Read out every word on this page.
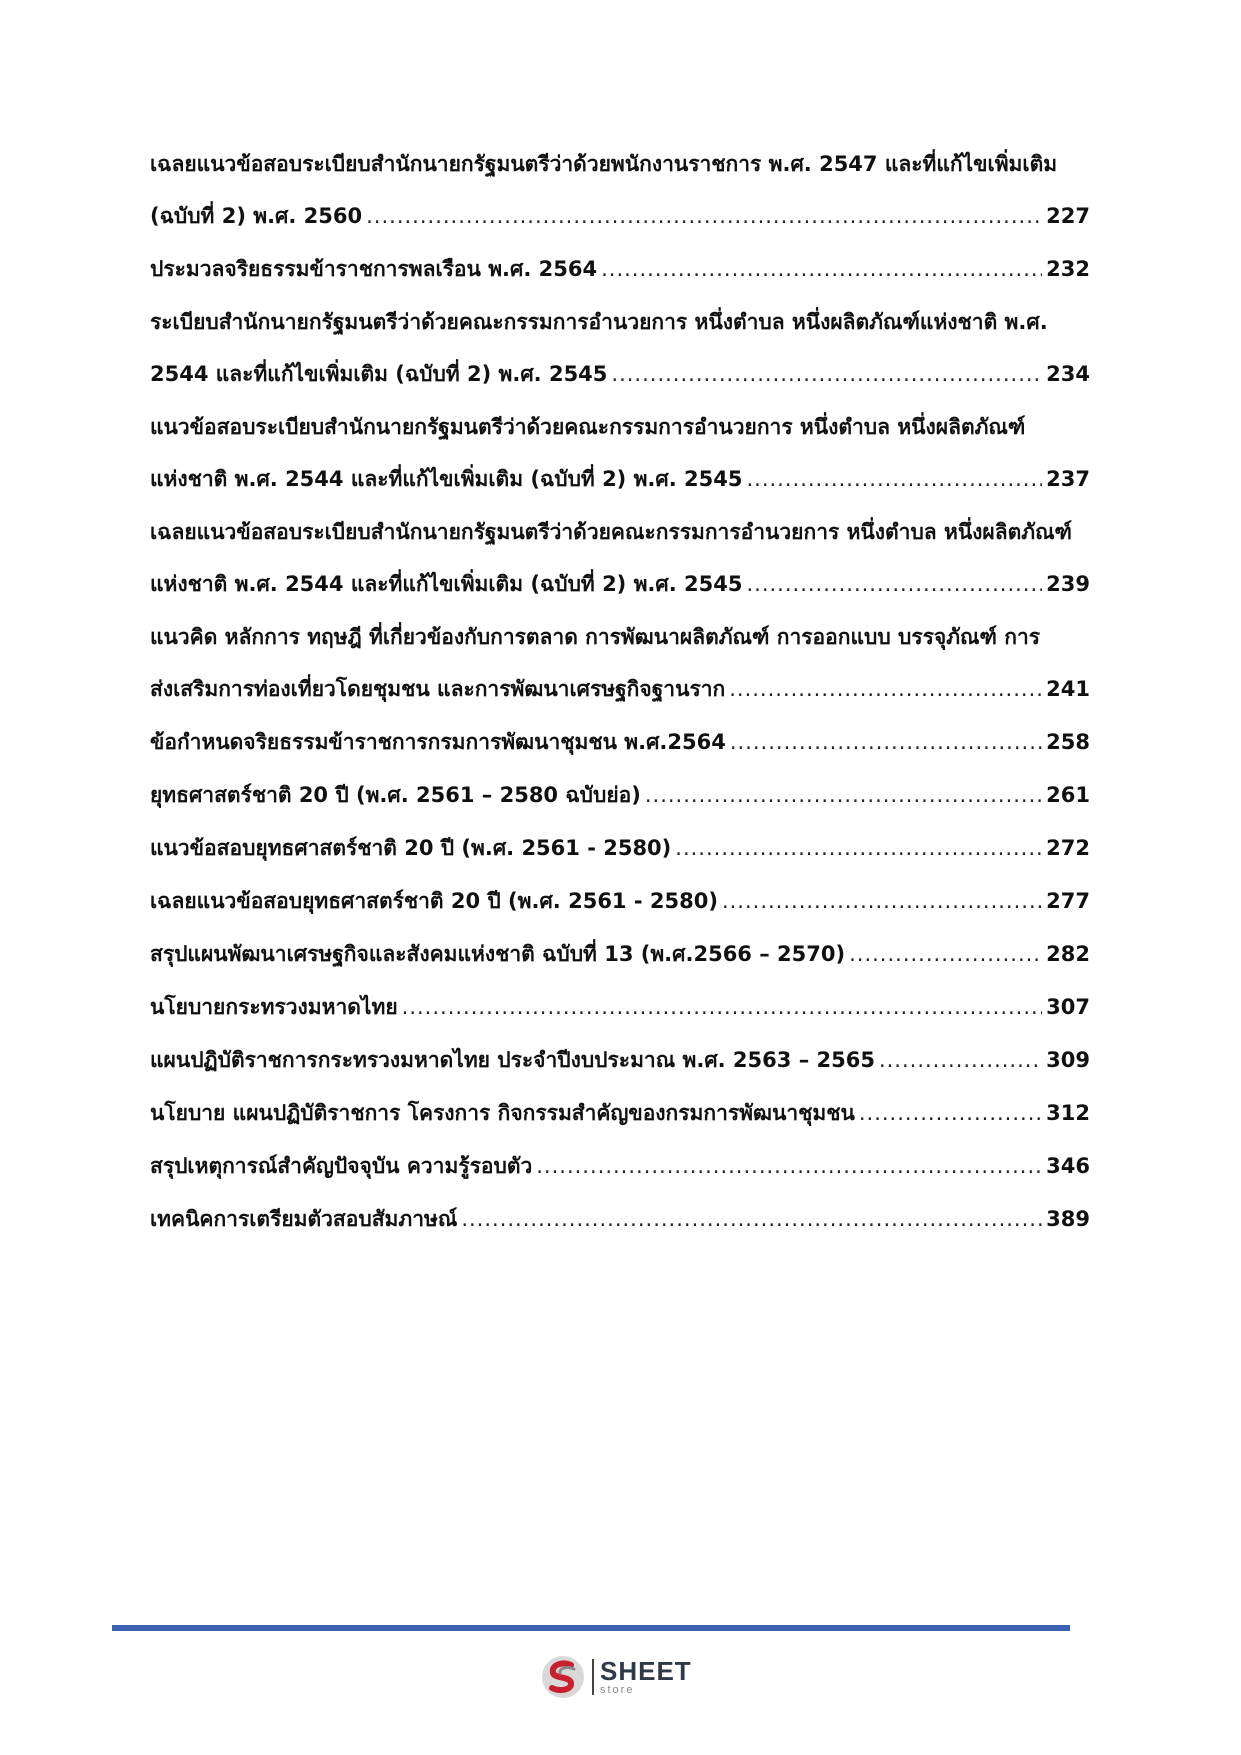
เฉลยแนวข้อสอบระเบียบสำนักนายกรัฐมนตรีว่าด้วยพนักงานราชการ พ.ศ. 2547 และที่แก้ไขเพิ่มเติม
(ฉบับที่ 2) พ.ศ. 2560 .....	227
ประมวลจริยธรรมข้าราชการพลเรือน พ.ศ. 2564 .....	232
ระเบียบสำนักนายกรัฐมนตรีว่าด้วยคณะกรรมการอำนวยการ หนึ่งตำบล หนึ่งผลิตภัณฑ์แห่งชาติ พ.ศ.
2544 และที่แก้ไขเพิ่มเติม (ฉบับที่ 2) พ.ศ. 2545 .....	234
แนวข้อสอบระเบียบสำนักนายกรัฐมนตรีว่าด้วยคณะกรรมการอำนวยการ หนึ่งตำบล หนึ่งผลิตภัณฑ์
แห่งชาติ พ.ศ. 2544 และที่แก้ไขเพิ่มเติม (ฉบับที่ 2) พ.ศ. 2545 .....	237
เฉลยแนวข้อสอบระเบียบสำนักนายกรัฐมนตรีว่าด้วยคณะกรรมการอำนวยการ หนึ่งตำบล หนึ่งผลิตภัณฑ์
แห่งชาติ พ.ศ. 2544 และที่แก้ไขเพิ่มเติม (ฉบับที่ 2) พ.ศ. 2545 .....	239
แนวคิด หลักการ ทฤษฎี ที่เกี่ยวข้องกับการตลาด การพัฒนาผลิตภัณฑ์ การออกแบบ บรรจุภัณฑ์ การ
ส่งเสริมการท่องเที่ยวโดยชุมชน และการพัฒนาเศรษฐกิจฐานราก .....	241
ข้อกำหนดจริยธรรมข้าราชการกรมการพัฒนาชุมชน พ.ศ.2564 .....	258
ยุทธศาสตร์ชาติ 20 ปี (พ.ศ. 2561 – 2580 ฉบับย่อ) .....	261
แนวข้อสอบยุทธศาสตร์ชาติ 20 ปี (พ.ศ. 2561 - 2580) .....	272
เฉลยแนวข้อสอบยุทธศาสตร์ชาติ 20 ปี (พ.ศ. 2561 - 2580) .....	277
สรุปแผนพัฒนาเศรษฐกิจและสังคมแห่งชาติ ฉบับที่ 13 (พ.ศ.2566 – 2570) .....	282
นโยบายกระทรวงมหาดไทย .....	307
แผนปฏิบัติราชการกระทรวงมหาดไทย ประจำปีงบประมาณ พ.ศ. 2563 – 2565 .....	309
นโยบาย แผนปฏิบัติราชการ โครงการ กิจกรรมสำคัญของกรมการพัฒนาชุมชน .....	312
สรุปเหตุการณ์สำคัญปัจจุบัน ความรู้รอบตัว .....	346
เทคนิคการเตรียมตัวสอบสัมภาษณ์ .....	389
SHEET
store
